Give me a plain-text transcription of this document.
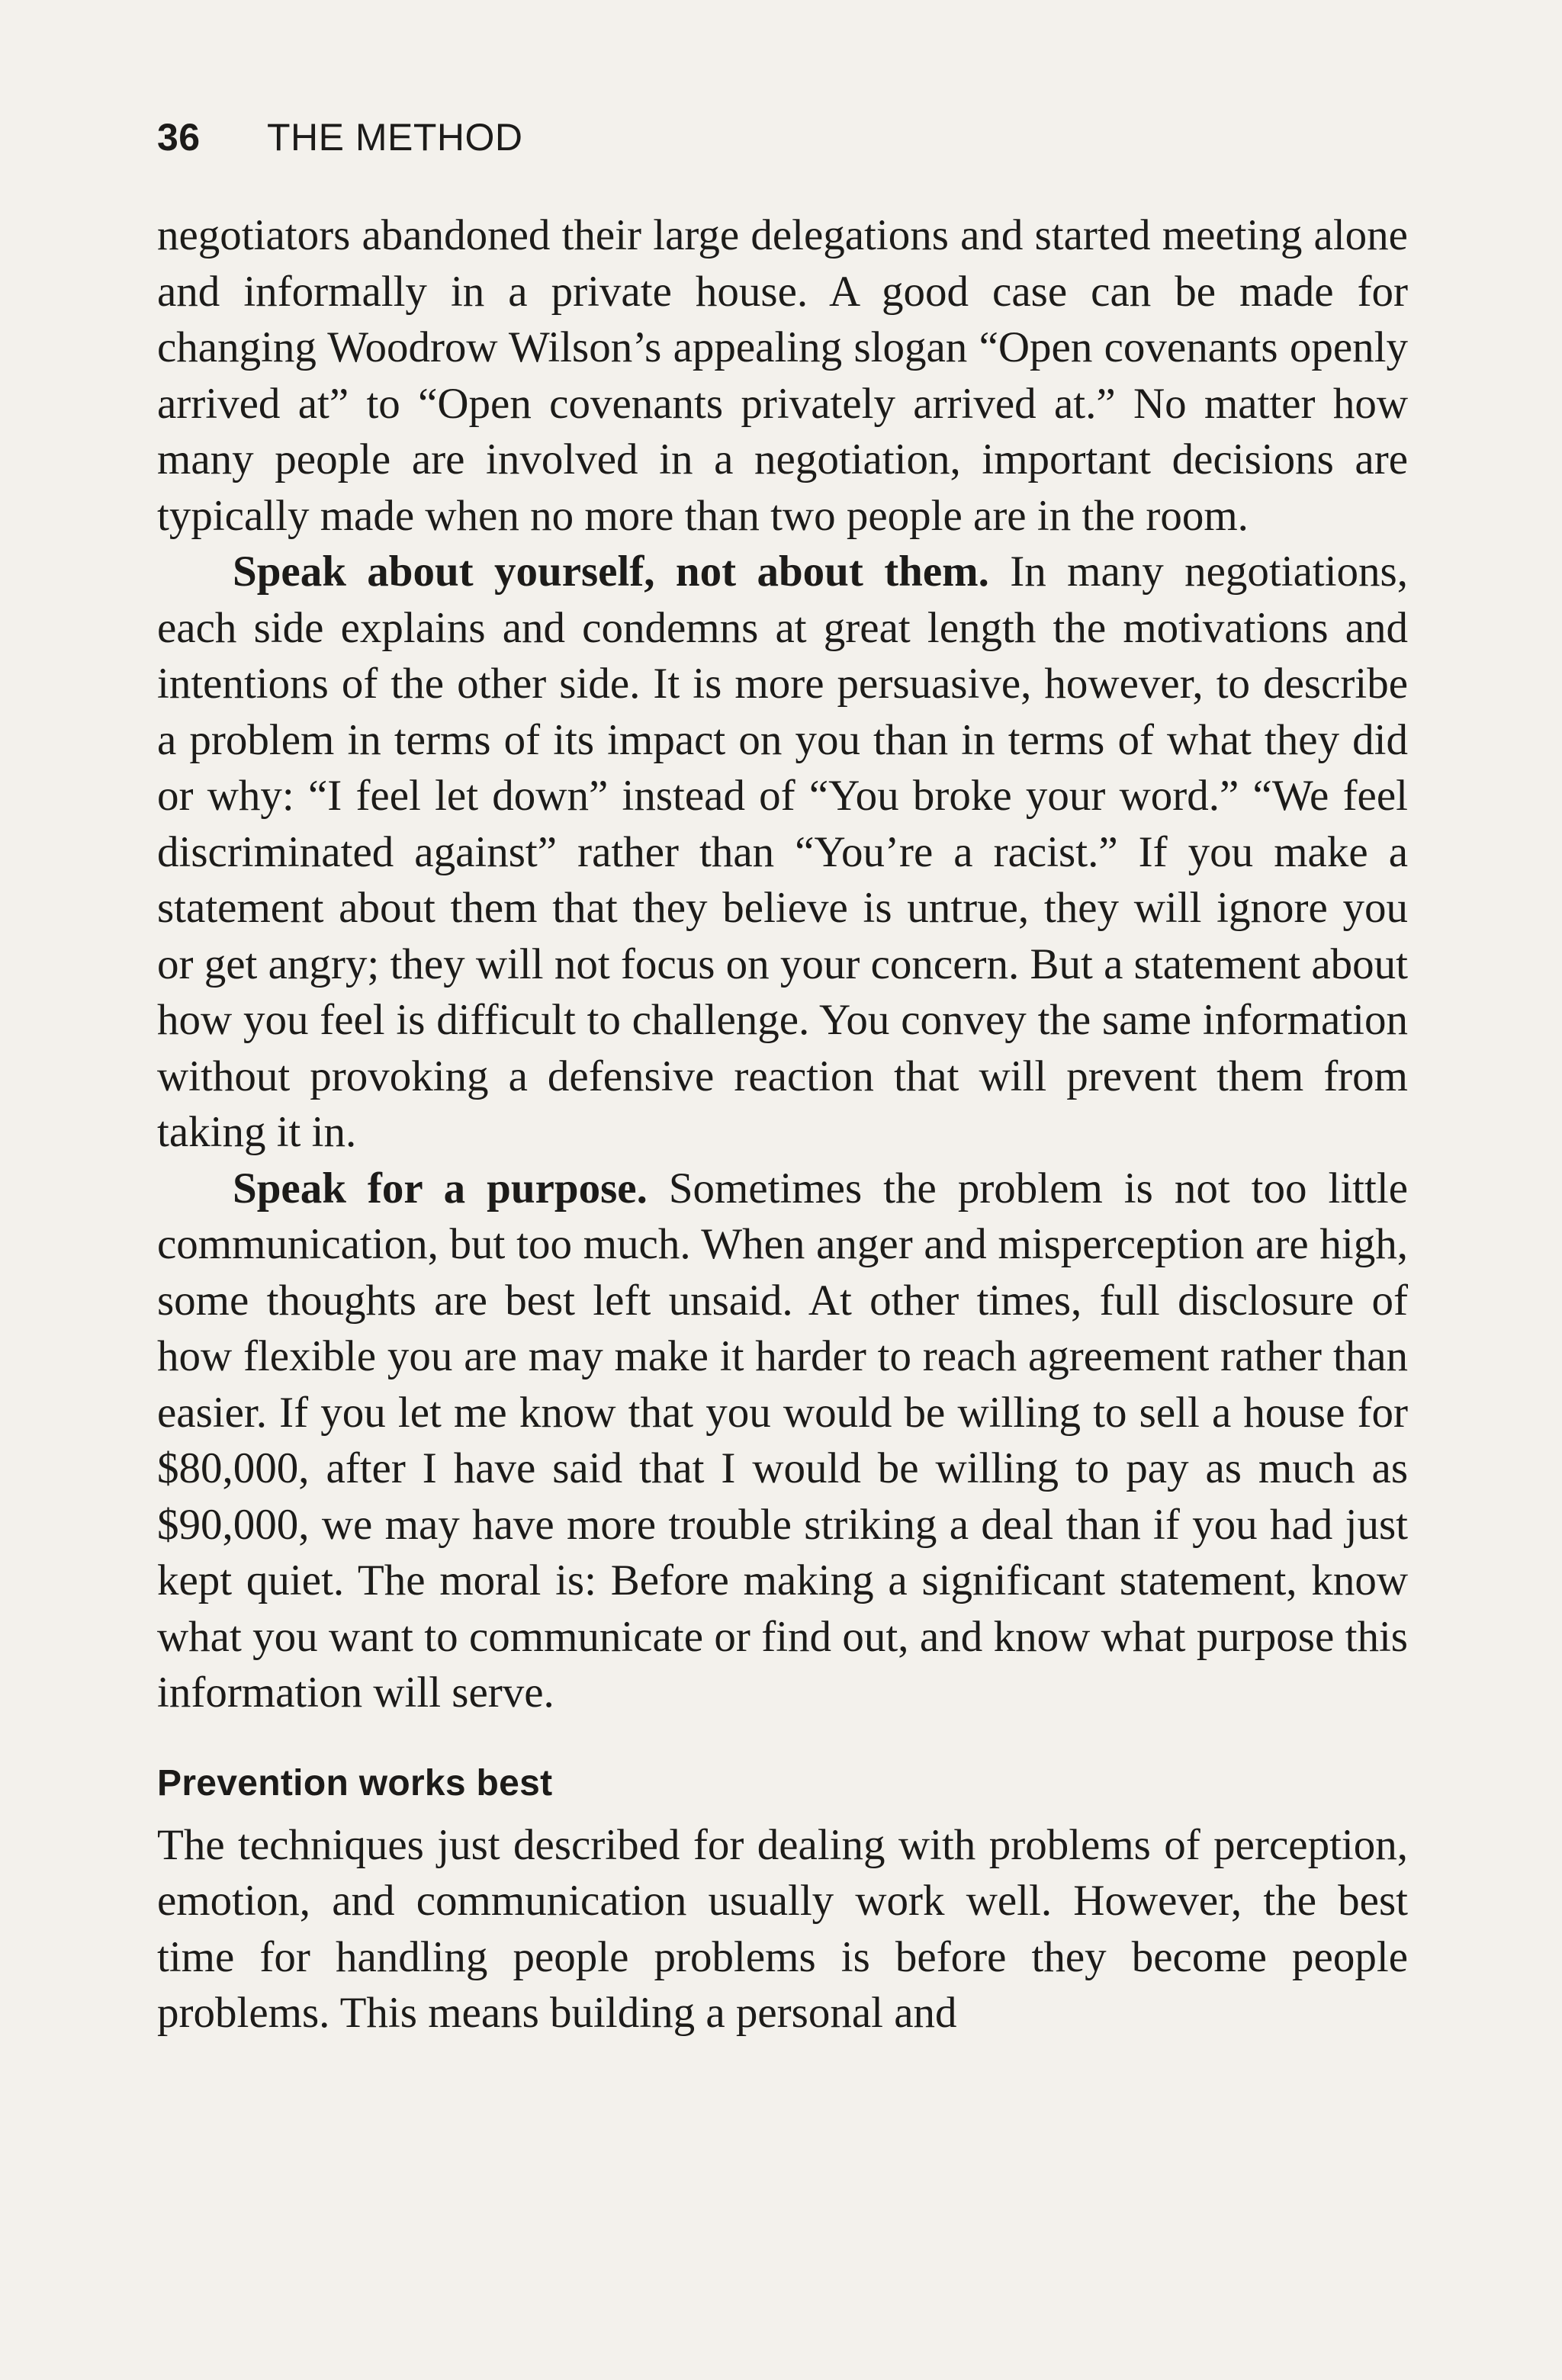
36 THE METHOD

negotiators abandoned their large delegations and started meeting alone and informally in a private house. A good case can be made for changing Woodrow Wilson’s appealing slogan “Open covenants openly arrived at” to “Open covenants privately arrived at.” No matter how many people are involved in a negotiation, important decisions are typically made when no more than two people are in the room.

Speak about yourself, not about them. In many negotiations, each side explains and condemns at great length the motivations and intentions of the other side. It is more persuasive, however, to describe a problem in terms of its impact on you than in terms of what they did or why: “I feel let down” instead of “You broke your word.” “We feel discriminated against” rather than “You’re a racist.” If you make a statement about them that they believe is untrue, they will ignore you or get angry; they will not focus on your concern. But a statement about how you feel is difficult to challenge. You convey the same information without provoking a defensive reaction that will prevent them from taking it in.

Speak for a purpose. Sometimes the problem is not too little communication, but too much. When anger and misperception are high, some thoughts are best left unsaid. At other times, full disclosure of how flexible you are may make it harder to reach agreement rather than easier. If you let me know that you would be willing to sell a house for $80,000, after I have said that I would be willing to pay as much as $90,000, we may have more trouble striking a deal than if you had just kept quiet. The moral is: Before making a significant statement, know what you want to communicate or find out, and know what purpose this information will serve.

Prevention works best

The techniques just described for dealing with problems of perception, emotion, and communication usually work well. However, the best time for handling people problems is before they become people problems. This means building a personal and
